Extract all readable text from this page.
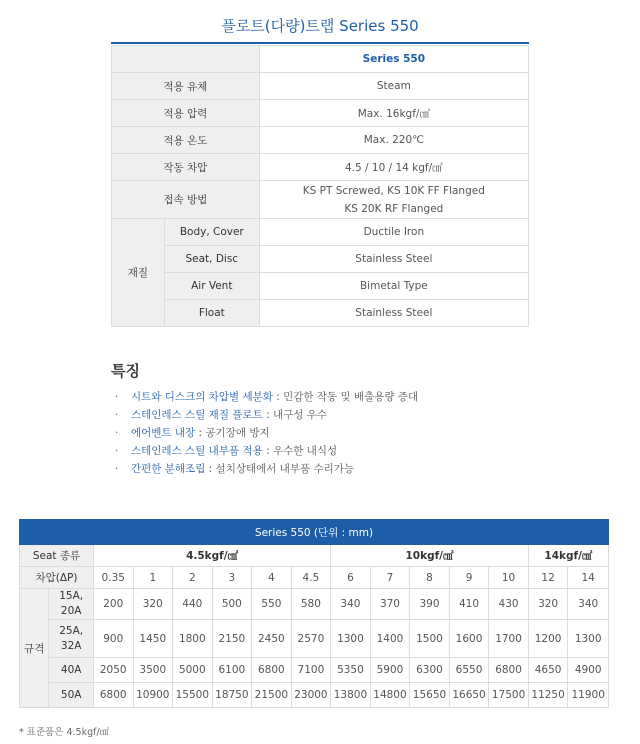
플로트(다량)트랩 Series 550
		Series 550
적용 유체		Steam
적용 압력		Max. 16kgf/㎠
적용 온도		Max. 220℃
작동 차압		4.5 / 10 / 14 kgf/㎠
접속 방법		KS PT Screwed, KS 10K FF Flanged
KS 20K RF Flanged

재질	Body, Cover	Ductile Iron
	Seat, Disc	Stainless Steel
	Air Vent	Bimetal Type
	Float	Stainless Steel
특징
· 시트와 디스크의 차압별 세분화 : 민감한 작동 및 배출용량 증대
· 스테인레스 스틸 재질 플로트 : 내구성 우수
· 에어벤트 내장 : 공기장애 방지
· 스테인레스 스틸 내부품 적용 : 우수한 내식성
· 간편한 분해조립 : 설치상태에서 내부품 수리가능
Series 550 (단위 : mm)														
Seat 종류		4.5kgf/㎠						10kgf/㎠					14kgf/㎠	
차압(ΔP)		0.35	1	2	3	4	4.5	6	7	8	9	10	12	14
규격	15A,
20A	200	320	440	500	550	580	340	370	390	410	430	320	340

	25A,
32A	900	1450	1800	2150	2450	2570	1300	1400	1500	1600	1700	1200	1300
	40A	2050	3500	5000	6100	6800	7100	5350	5900	6300	6550	6800	4650	4900
	50A	6800	10900	15500	18750	21500	23000	13800	14800	15650	16650	17500	11250	11900
* 표준품은 4.5kgf/㎠
